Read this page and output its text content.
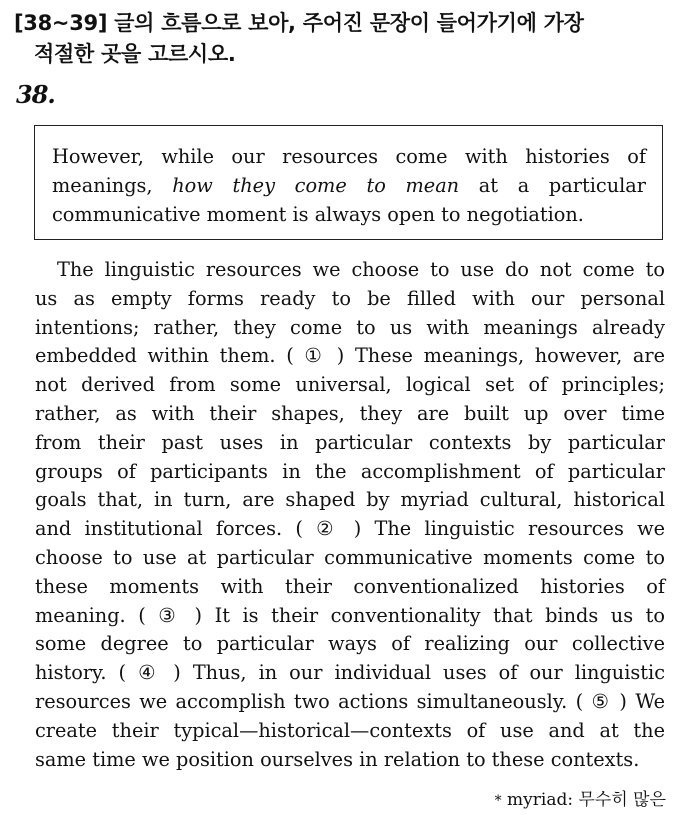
[38~39] 글의 흐름으로 보아, 주어진 문장이 들어가기에 가장
적절한 곳을 고르시오.
38.
However, while our resources come with histories of
meanings, how they come to mean at a particular
communicative moment is always open to negotiation.
The linguistic resources we choose to use do not come to
us as empty forms ready to be filled with our personal
intentions; rather, they come to us with meanings already
embedded within them. ( ① ) These meanings, however, are
not derived from some universal, logical set of principles;
rather, as with their shapes, they are built up over time
from their past uses in particular contexts by particular
groups of participants in the accomplishment of particular
goals that, in turn, are shaped by myriad cultural, historical
and institutional forces. ( ② ) The linguistic resources we
choose to use at particular communicative moments come to
these moments with their conventionalized histories of
meaning. ( ③ ) It is their conventionality that binds us to
some degree to particular ways of realizing our collective
history. ( ④ ) Thus, in our individual uses of our linguistic
resources we accomplish two actions simultaneously. ( ⑤ ) We
create their typical—historical—contexts of use and at the
same time we position ourselves in relation to these contexts.
* myriad: 무수히 많은
